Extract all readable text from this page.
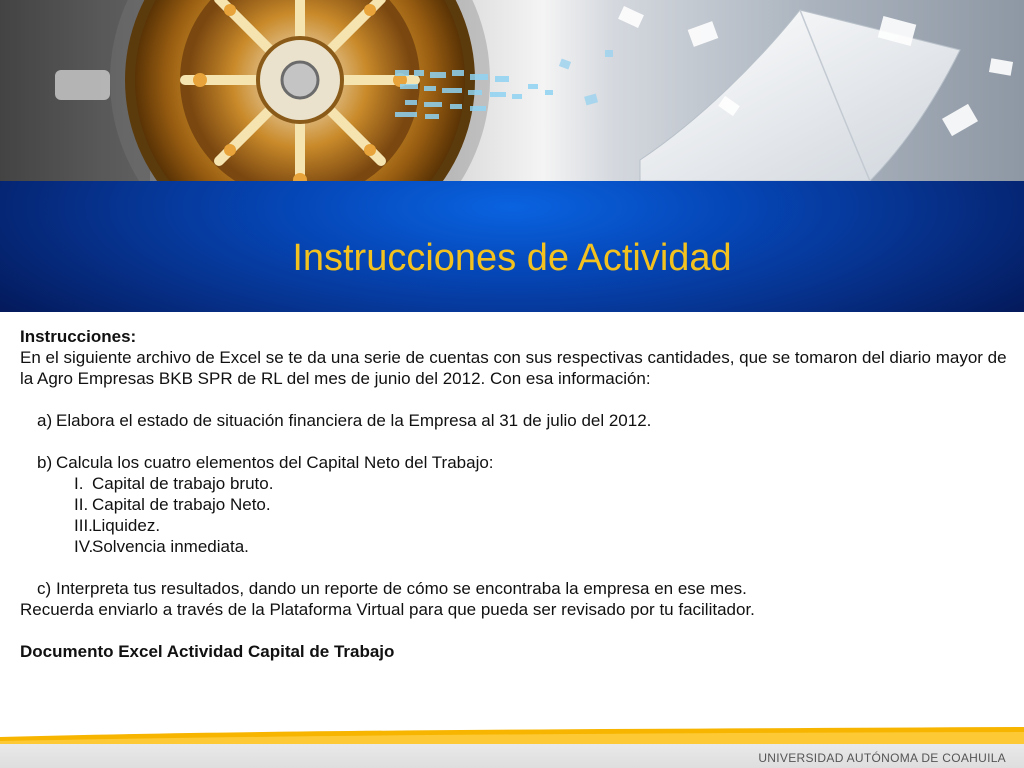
Instrucciones de Actividad
Instrucciones:
En el siguiente archivo de Excel se te da una serie de cuentas con sus respectivas cantidades, que se tomaron del diario mayor de la Agro Empresas BKB SPR de RL del mes de junio del 2012. Con esa información:
a) Elabora el estado de situación financiera de la Empresa al 31 de julio del 2012.
b) Calcula los cuatro elementos del Capital Neto del Trabajo:
I. Capital de trabajo bruto.
II. Capital de trabajo Neto.
III. Liquidez.
IV.
Solvencia inmediata.
c) Interpreta tus resultados, dando un reporte de cómo se encontraba la empresa en ese mes.
Recuerda enviarlo a través de la Plataforma Virtual para que pueda ser revisado por tu facilitador.
Documento Excel Actividad Capital de Trabajo
UNIVERSIDAD AUTÓNOMA DE COAHUILA
